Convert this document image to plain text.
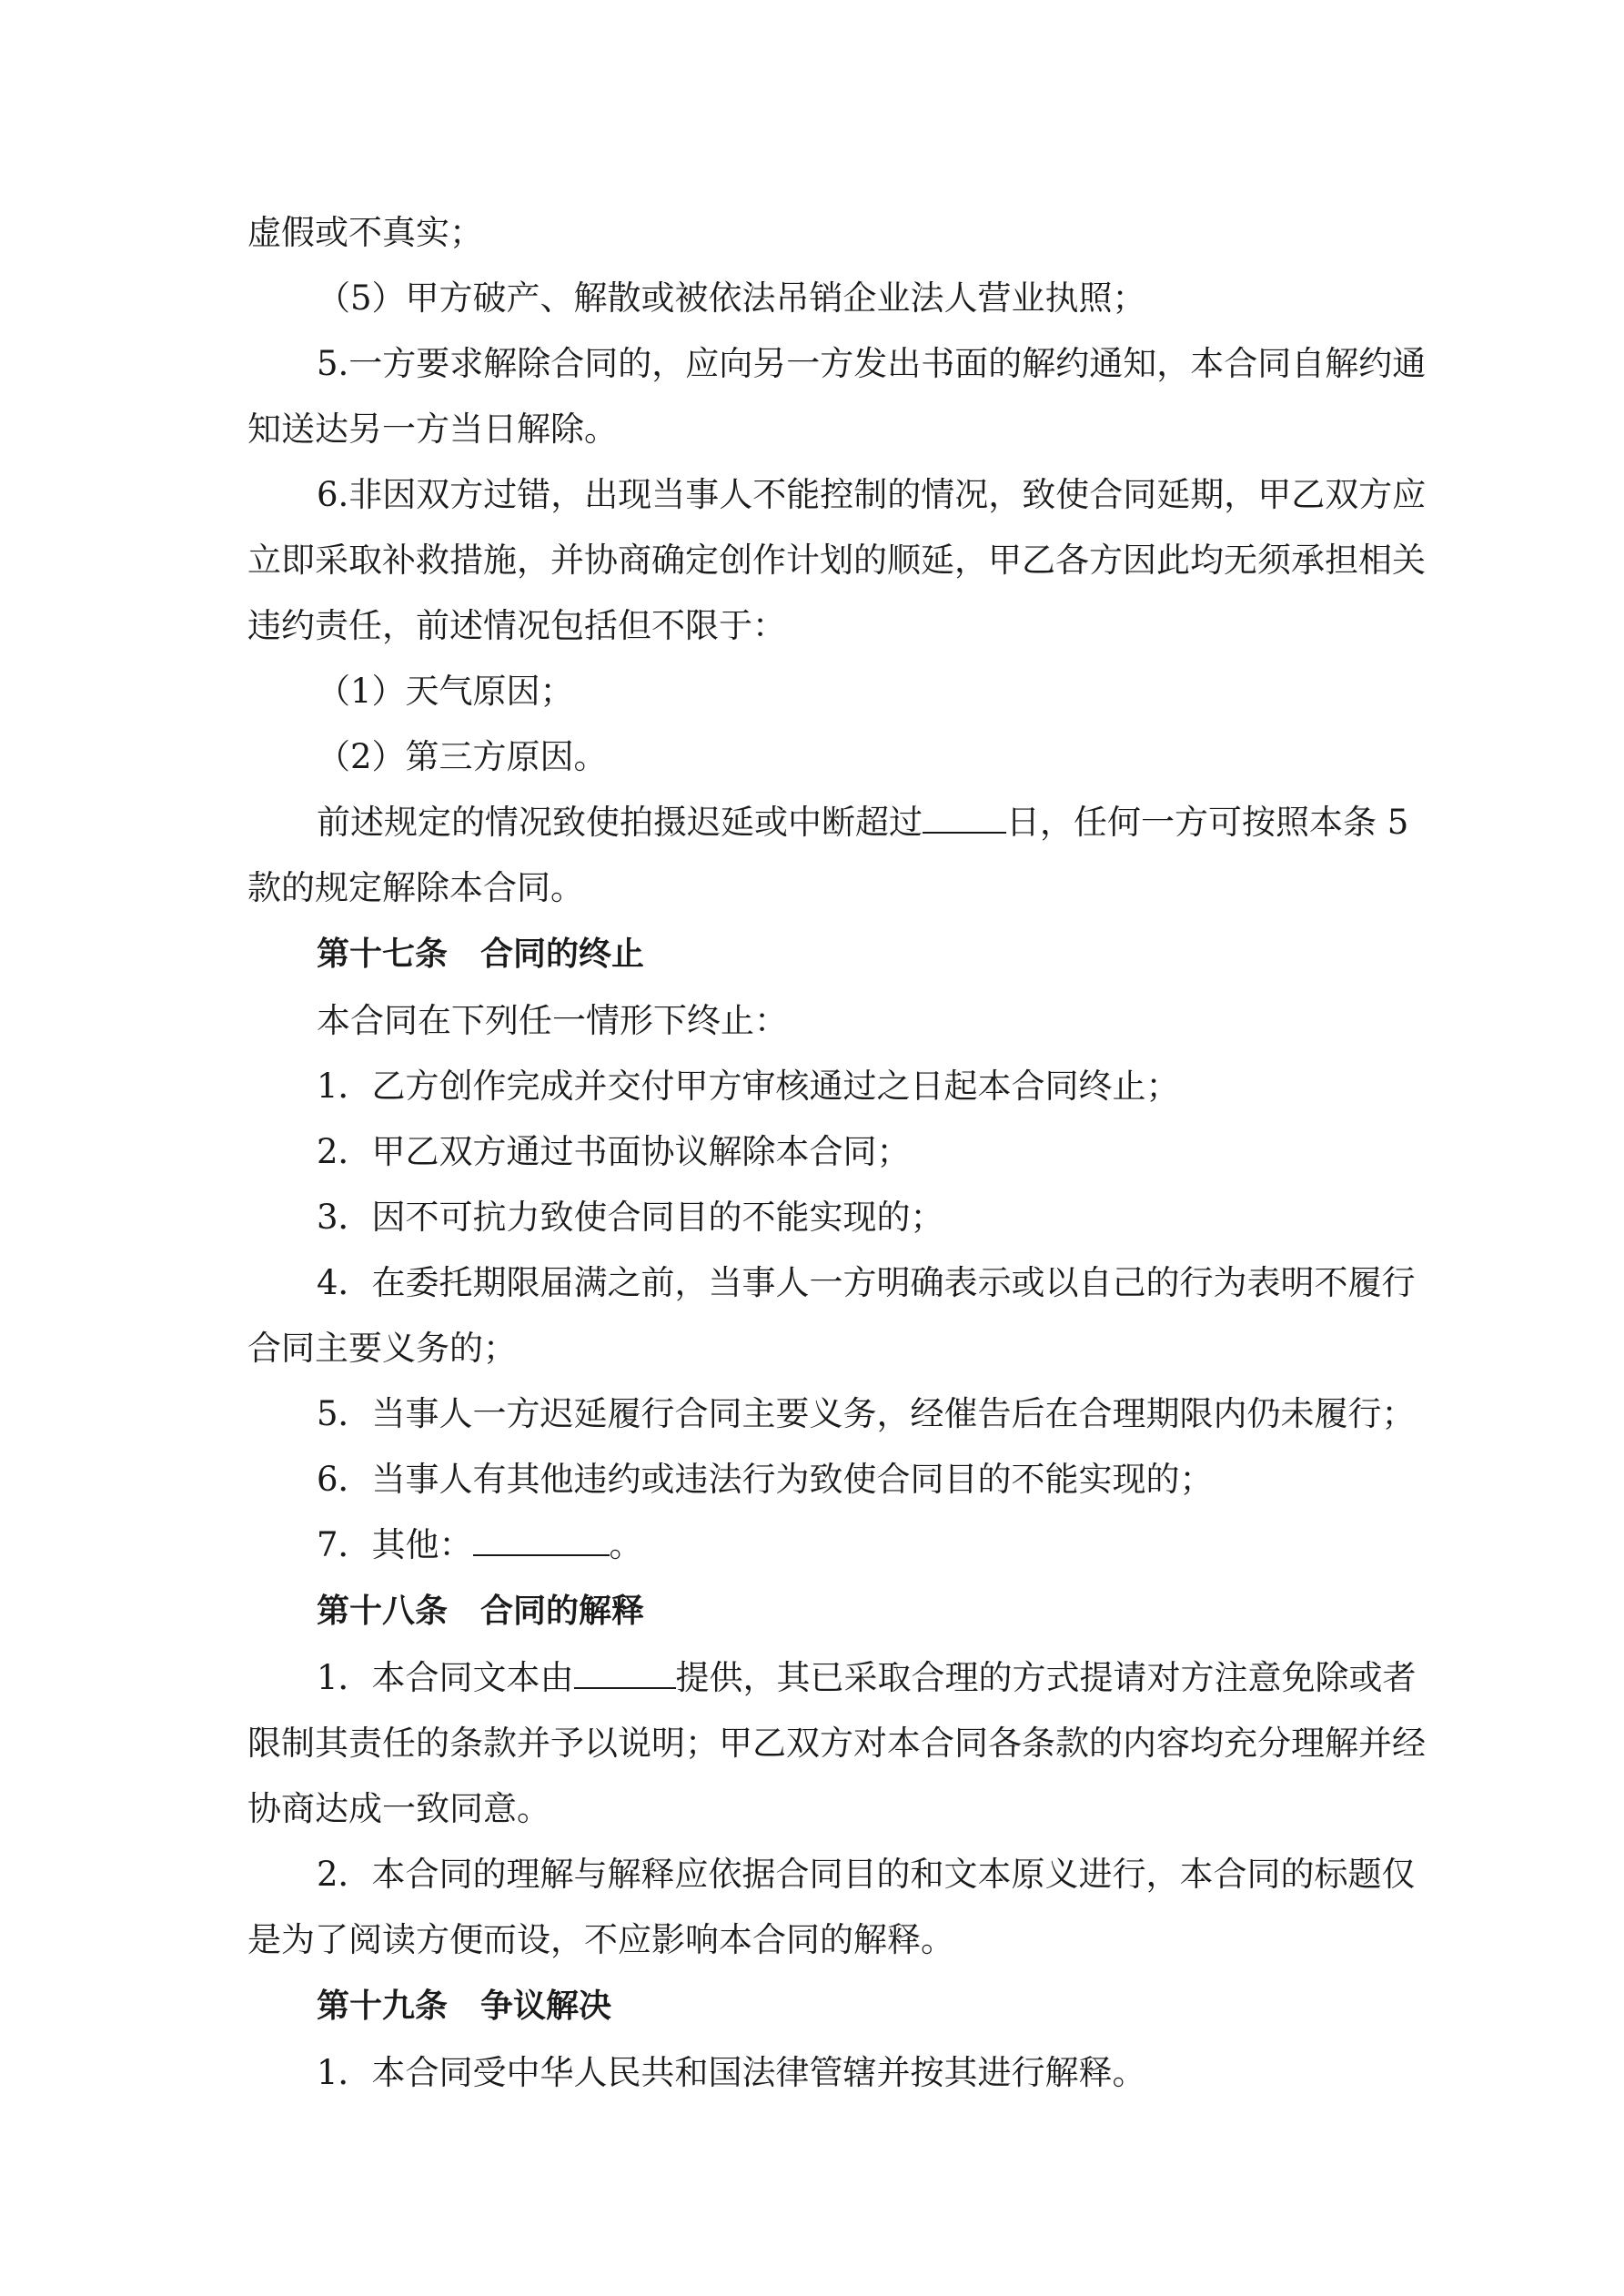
虚假或不真实；
（5）甲方破产、解散或被依法吊销企业法人营业执照；
5.一方要求解除合同的，应向另一方发出书面的解约通知，本合同自解约通
知送达另一方当日解除。
6.非因双方过错，出现当事人不能控制的情况，致使合同延期，甲乙双方应
立即采取补救措施，并协商确定创作计划的顺延，甲乙各方因此均无须承担相关
违约责任，前述情况包括但不限于：
（1）天气原因；
（2）第三方原因。
前述规定的情况致使拍摄迟延或中断超过 日，任何一方可按照本条 5
款的规定解除本合同。
第十七条 合同的终止
本合同在下列任一情形下终止：
1．乙方创作完成并交付甲方审核通过之日起本合同终止；
2．甲乙双方通过书面协议解除本合同；
3．因不可抗力致使合同目的不能实现的；
4．在委托期限届满之前，当事人一方明确表示或以自己的行为表明不履行
合同主要义务的；
5．当事人一方迟延履行合同主要义务，经催告后在合理期限内仍未履行；
6．当事人有其他违约或违法行为致使合同目的不能实现的；
7．其他：	。
第十八条 合同的解释
1．本合同文本由	提供，其已采取合理的方式提请对方注意免除或者
限制其责任的条款并予以说明；甲乙双方对本合同各条款的内容均充分理解并经
协商达成一致同意。
2．本合同的理解与解释应依据合同目的和文本原义进行，本合同的标题仅
是为了阅读方便而设，不应影响本合同的解释。
第十九条 争议解决
1．本合同受中华人民共和国法律管辖并按其进行解释。
